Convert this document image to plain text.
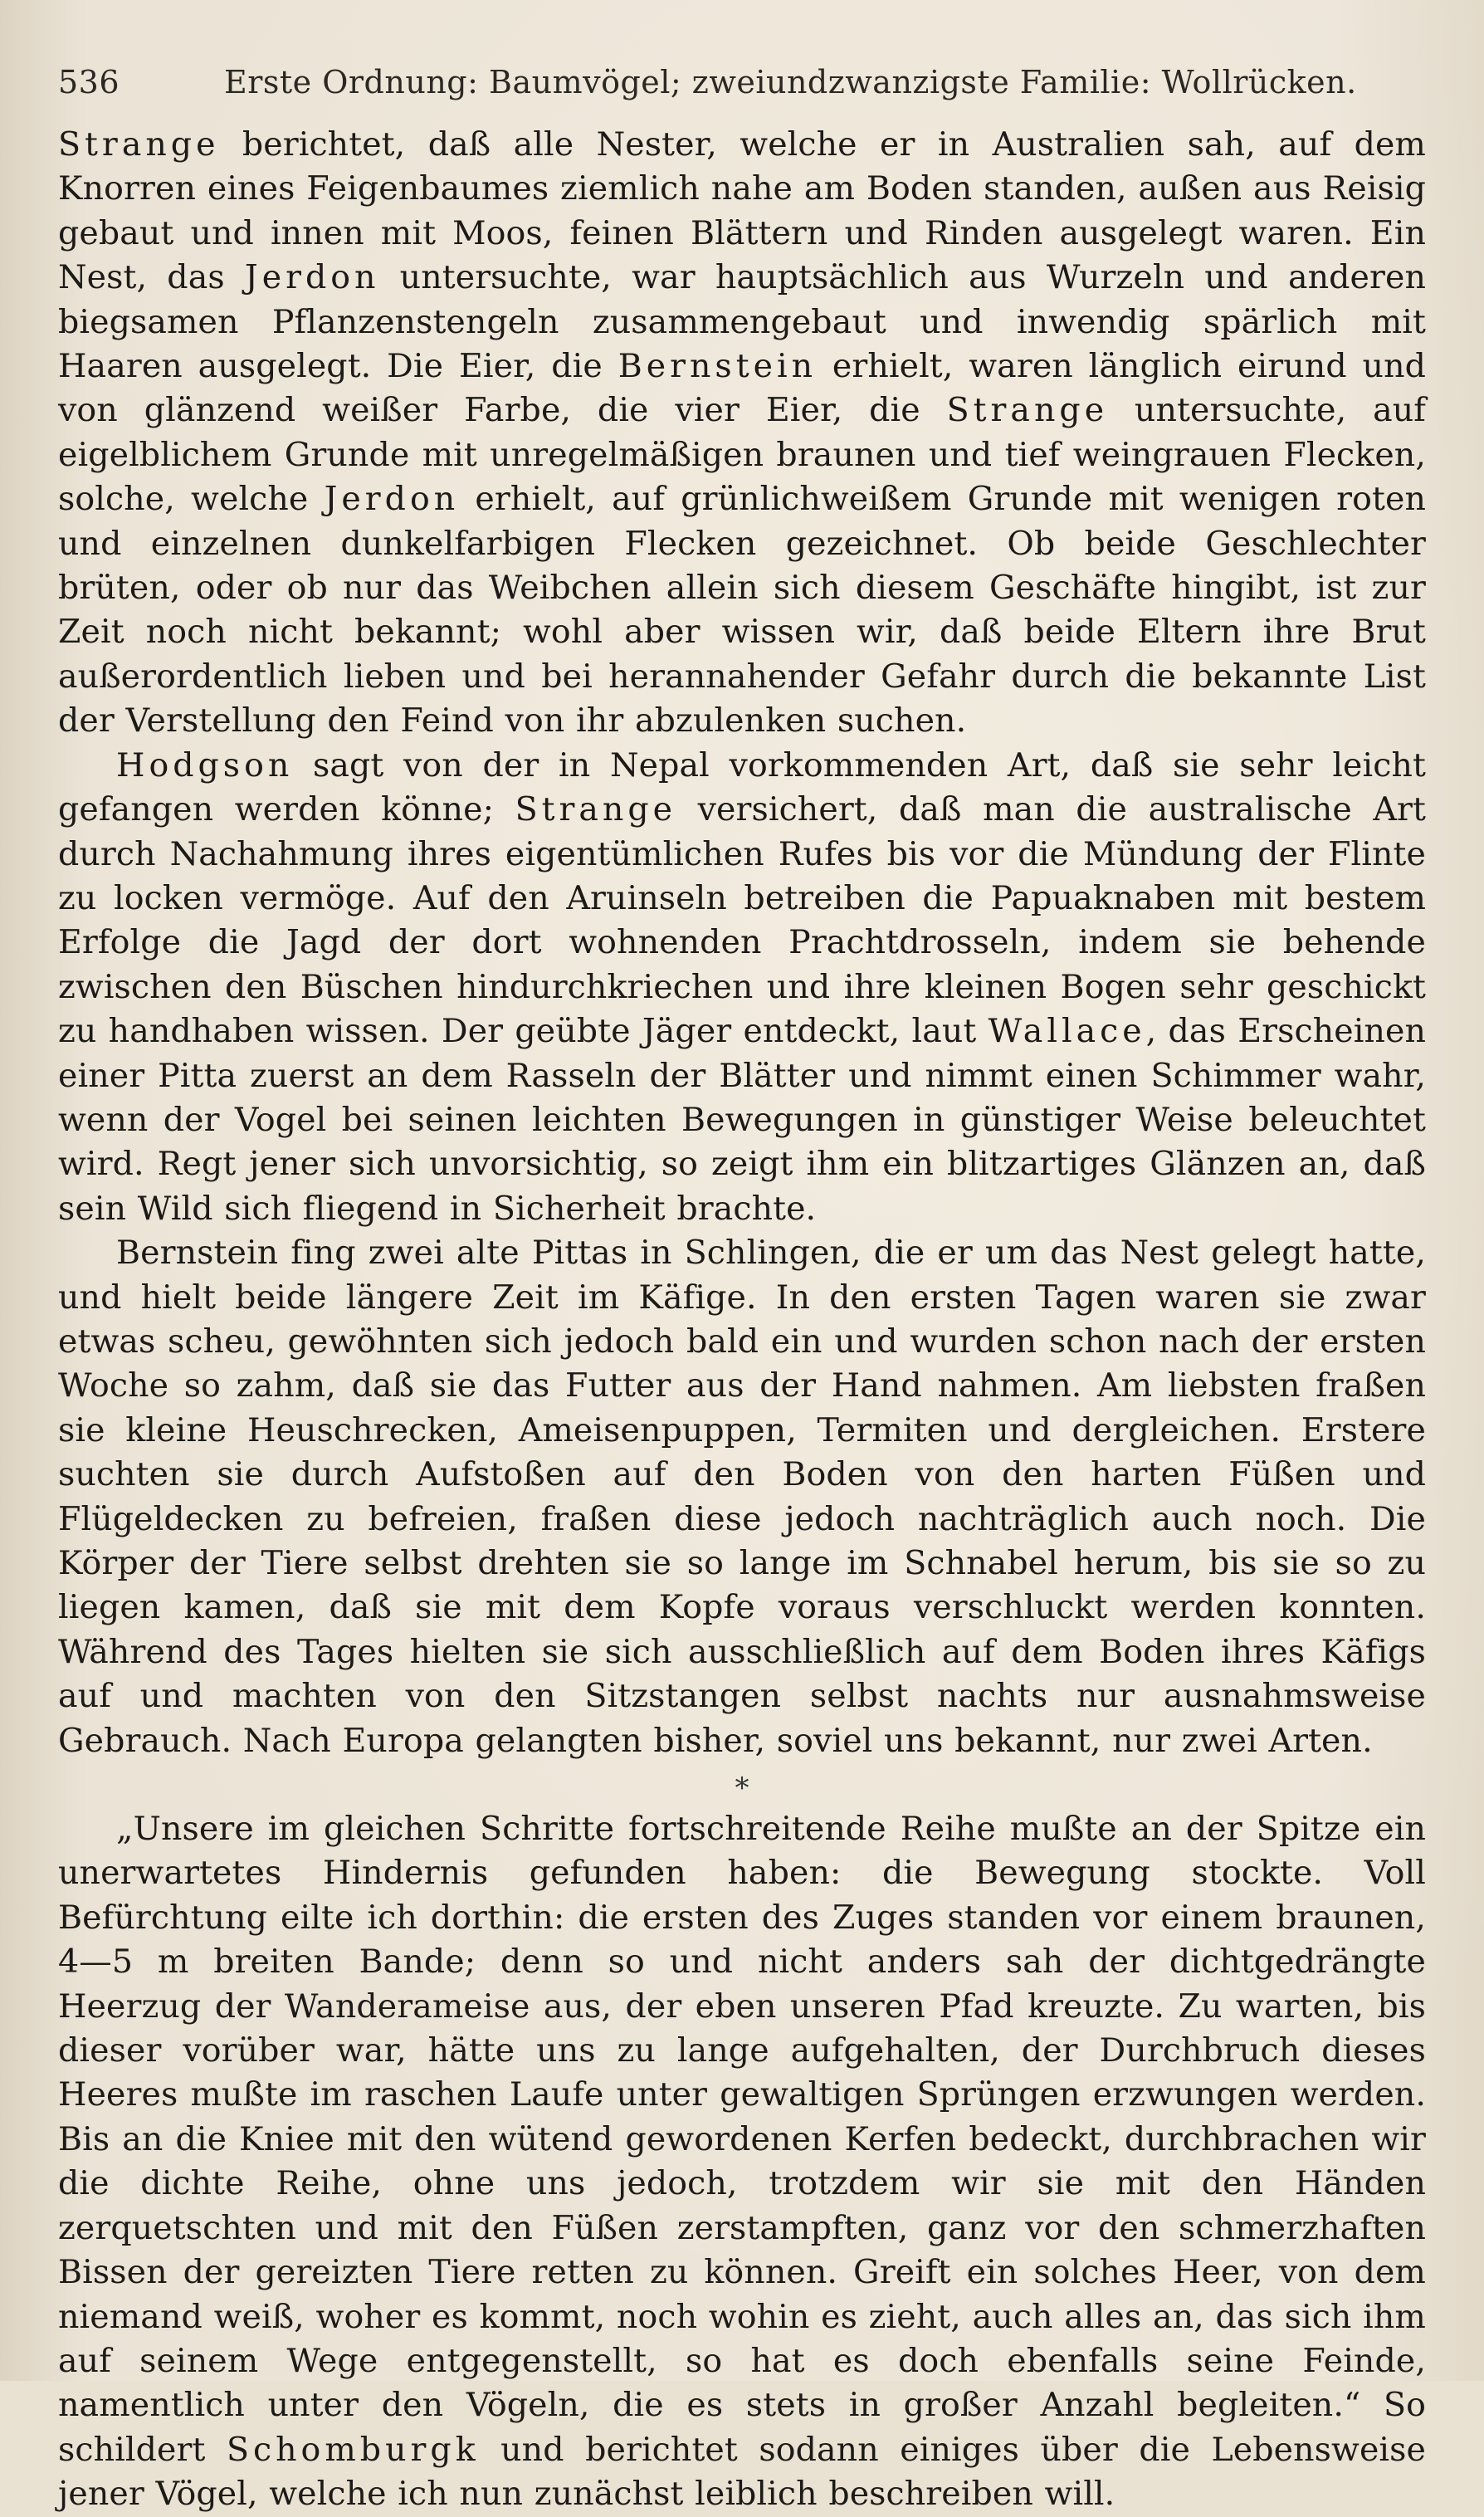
536	Erste Ordnung: Baumvögel; zweiundzwanzigste Familie: Wollrücken.

Strange berichtet, daß alle Nester, welche er in Australien sah, auf dem Knorren eines Feigenbaumes ziemlich nahe am Boden standen, außen aus Reisig gebaut und innen mit Moos, feinen Blättern und Rinden ausgelegt waren. Ein Nest, das Jerdon untersuchte, war hauptsächlich aus Wurzeln und anderen biegsamen Pflanzenstengeln zusammengebaut und inwendig spärlich mit Haaren ausgelegt. Die Eier, die Bernstein erhielt, waren länglich eirund und von glänzend weißer Farbe, die vier Eier, die Strange untersuchte, auf eigelblichem Grunde mit unregelmäßigen braunen und tief weingrauen Flecken, solche, welche Jerdon erhielt, auf grünlichweißem Grunde mit wenigen roten und einzelnen dunkelfarbigen Flecken gezeichnet. Ob beide Geschlechter brüten, oder ob nur das Weibchen allein sich diesem Geschäfte hingibt, ist zur Zeit noch nicht bekannt; wohl aber wissen wir, daß beide Eltern ihre Brut außerordentlich lieben und bei herannahender Gefahr durch die bekannte List der Verstellung den Feind von ihr abzulenken suchen.

Hodgson sagt von der in Nepal vorkommenden Art, daß sie sehr leicht gefangen werden könne; Strange versichert, daß man die australische Art durch Nachahmung ihres eigentümlichen Rufes bis vor die Mündung der Flinte zu locken vermöge. Auf den Aruinseln betreiben die Papuaknaben mit bestem Erfolge die Jagd der dort wohnenden Prachtdrosseln, indem sie behende zwischen den Büschen hindurchkriechen und ihre kleinen Bogen sehr geschickt zu handhaben wissen. Der geübte Jäger entdeckt, laut Wallace, das Erscheinen einer Pitta zuerst an dem Rasseln der Blätter und nimmt einen Schimmer wahr, wenn der Vogel bei seinen leichten Bewegungen in günstiger Weise beleuchtet wird. Regt jener sich unvorsichtig, so zeigt ihm ein blitzartiges Glänzen an, daß sein Wild sich fliegend in Sicherheit brachte.

Bernstein fing zwei alte Pittas in Schlingen, die er um das Nest gelegt hatte, und hielt beide längere Zeit im Käfige. In den ersten Tagen waren sie zwar etwas scheu, gewöhnten sich jedoch bald ein und wurden schon nach der ersten Woche so zahm, daß sie das Futter aus der Hand nahmen. Am liebsten fraßen sie kleine Heuschrecken, Ameisenpuppen, Termiten und dergleichen. Erstere suchten sie durch Aufstoßen auf den Boden von den harten Füßen und Flügeldecken zu befreien, fraßen diese jedoch nachträglich auch noch. Die Körper der Tiere selbst drehten sie so lange im Schnabel herum, bis sie so zu liegen kamen, daß sie mit dem Kopfe voraus verschluckt werden konnten. Während des Tages hielten sie sich ausschließlich auf dem Boden ihres Käfigs auf und machten von den Sitzstangen selbst nachts nur ausnahmsweise Gebrauch. Nach Europa gelangten bisher, soviel uns bekannt, nur zwei Arten.

*

„Unsere im gleichen Schritte fortschreitende Reihe mußte an der Spitze ein unerwartetes Hindernis gefunden haben: die Bewegung stockte. Voll Befürchtung eilte ich dorthin: die ersten des Zuges standen vor einem braunen, 4—5 m breiten Bande; denn so und nicht anders sah der dichtgedrängte Heerzug der Wanderameise aus, der eben unseren Pfad kreuzte. Zu warten, bis dieser vorüber war, hätte uns zu lange aufgehalten, der Durchbruch dieses Heeres mußte im raschen Laufe unter gewaltigen Sprüngen erzwungen werden. Bis an die Kniee mit den wütend gewordenen Kerfen bedeckt, durchbrachen wir die dichte Reihe, ohne uns jedoch, trotzdem wir sie mit den Händen zerquetschten und mit den Füßen zerstampften, ganz vor den schmerzhaften Bissen der gereizten Tiere retten zu können. Greift ein solches Heer, von dem niemand weiß, woher es kommt, noch wohin es zieht, auch alles an, das sich ihm auf seinem Wege entgegenstellt, so hat es doch ebenfalls seine Feinde, namentlich unter den Vögeln, die es stets in großer Anzahl begleiten.“ So schildert Schomburgk und berichtet sodann einiges über die Lebensweise jener Vögel, welche ich nun zunächst leiblich beschreiben will.
